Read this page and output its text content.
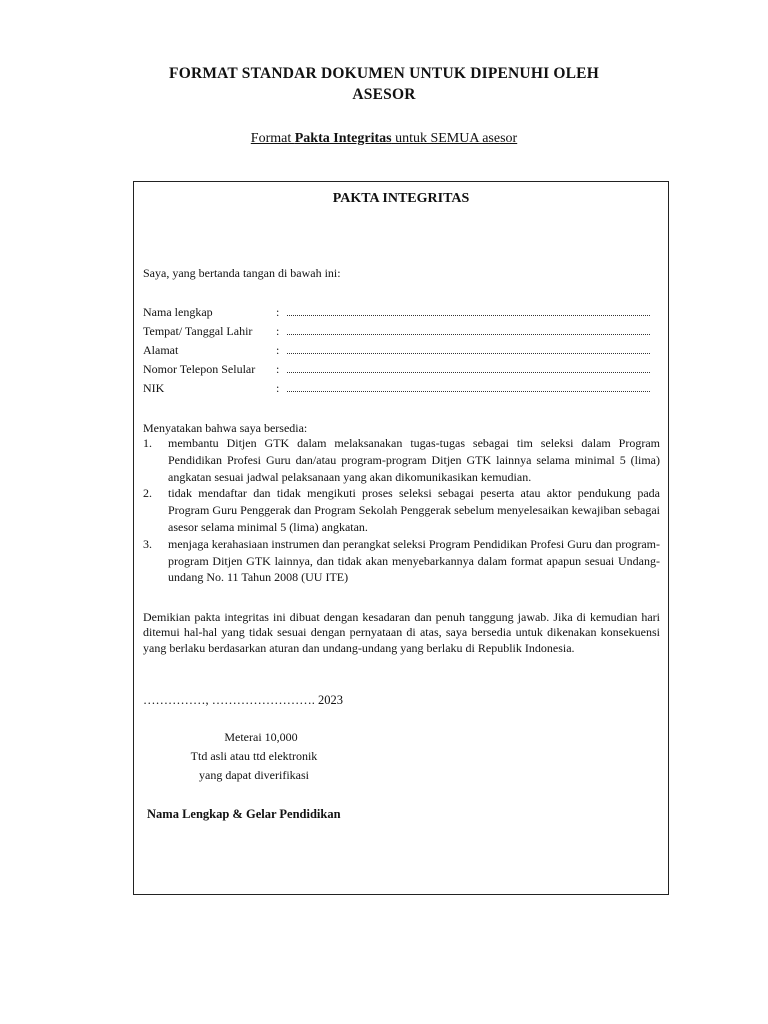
FORMAT STANDAR DOKUMEN UNTUK DIPENUHI OLEH
ASESOR
Format Pakta Integritas untuk SEMUA asesor
PAKTA INTEGRITAS
Saya, yang bertanda tangan di bawah ini:
Nama lengkap	:
Tempat/ Tanggal Lahir :
Alamat	:
Nomor Telepon Selular :
NIK	:
Menyatakan bahwa saya bersedia:
1.	membantu Ditjen GTK dalam melaksanakan tugas-tugas sebagai tim seleksi dalam Program Pendidikan Profesi Guru dan/atau program-program Ditjen GTK lainnya selama minimal 5 (lima) angkatan sesuai jadwal pelaksanaan yang akan dikomunikasikan kemudian.
2.	tidak mendaftar dan tidak mengikuti proses seleksi sebagai peserta atau aktor pendukung pada Program Guru Penggerak dan Program Sekolah Penggerak sebelum menyelesaikan kewajiban sebagai asesor selama minimal 5 (lima) angkatan.
3.	menjaga kerahasiaan instrumen dan perangkat seleksi Program Pendidikan Profesi Guru dan program-program Ditjen GTK lainnya, dan tidak akan menyebarkannya dalam format apapun sesuai Undang-undang No. 11 Tahun 2008 (UU ITE)
Demikian pakta integritas ini dibuat dengan kesadaran dan penuh tanggung jawab. Jika di kemudian hari ditemui hal-hal yang tidak sesuai dengan pernyataan di atas, saya bersedia untuk dikenakan konsekuensi yang berlaku berdasarkan aturan dan undang-undang yang berlaku di Republik Indonesia.
……………, ……………………. 2023
Meterai 10,000
Ttd asli atau ttd elektronik
yang dapat diverifikasi
Nama Lengkap & Gelar Pendidikan
